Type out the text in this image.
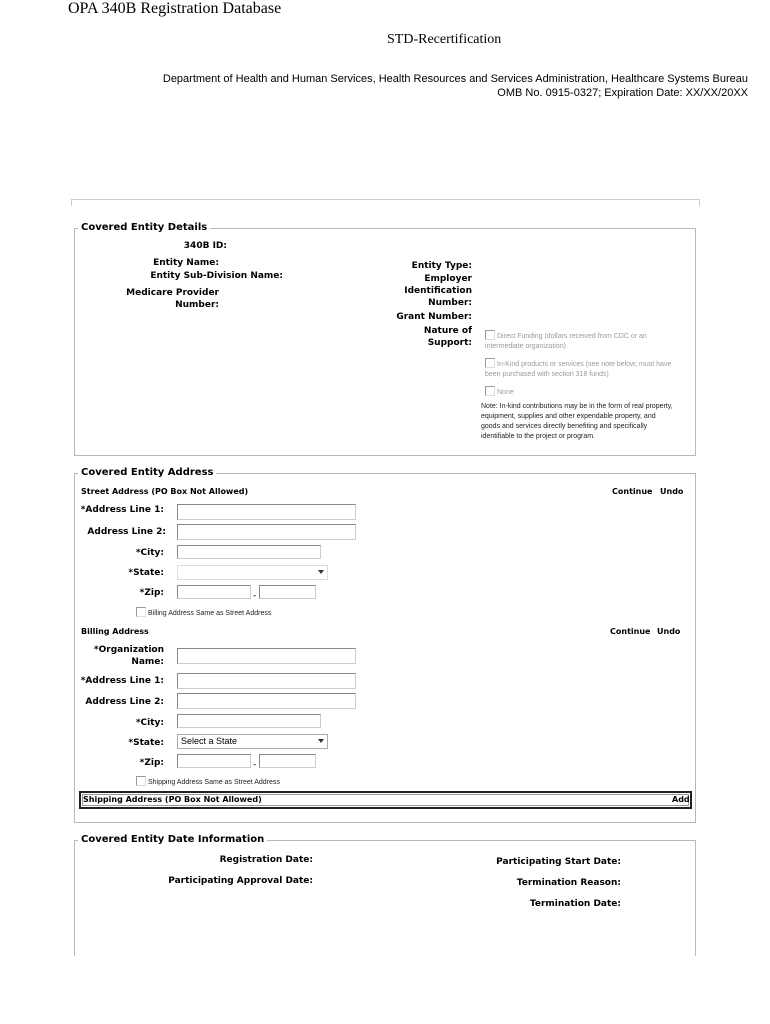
OPA 340B Registration Database
STD-Recertification
Department of Health and Human Services, Health Resources and Services Administration, Healthcare Systems Bureau
OMB No. 0915-0327; Expiration Date: XX/XX/20XX
Covered Entity Details
340B ID:
Entity Name:
Entity Sub-Division Name:
Medicare Provider
Number:
Entity Type:
Employer
Identification
Number:
Grant Number:
Nature of
Support:
Direct Funding (dollars received from CDC or an
intermediate organization)
In-Kind products or services (see note below; must have
been purchased with section 318 funds)
None
Note: In-kind contributions may be in the form of real property,
equipment, supplies and other expendable property, and
goods and services directly benefiting and specifically
identifiable to the project or program.
Covered Entity Address
Street Address (PO Box Not Allowed)	Continue Undo
*Address Line 1:
Address Line 2:
*City:
*State:
*Zip:	-
Billing Address Same as Street Address
Billing Address	Continue Undo
*Organization
Name:
*Address Line 1:
Address Line 2:
*City:
*State:	Select a State
*Zip:	-
Shipping Address Same as Street Address
Shipping Address (PO Box Not Allowed)	Add
Covered Entity Date Information
Registration Date:
Participating Approval Date:
Participating Start Date:
Termination Reason:
Termination Date:
